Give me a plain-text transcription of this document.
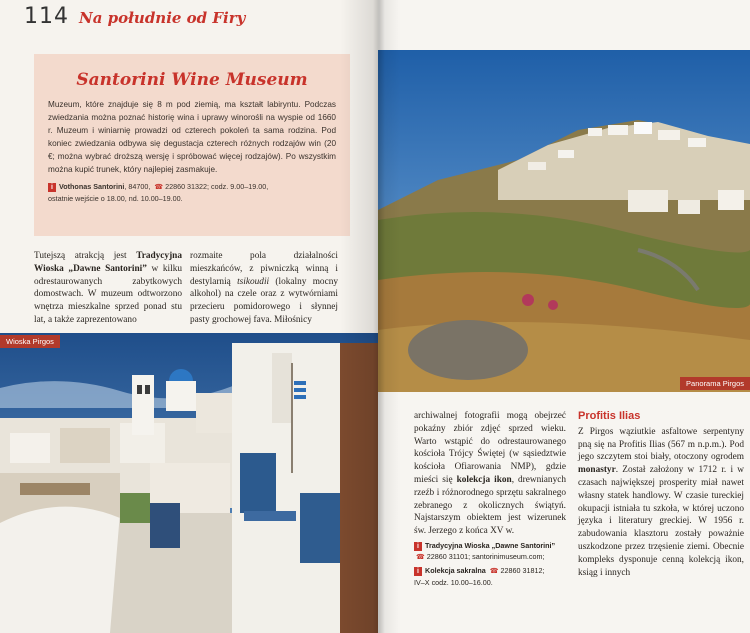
114 Na południe od Firy
Santorini Wine Museum
Muzeum, które znajduje się 8 m pod ziemią, ma kształt labiryntu. Podczas zwiedzania można poznać historię wina i uprawy winorośli na wyspie od 1660 r. Muzeum i winiarnię prowadzi od czterech pokoleń ta sama rodzina. Pod koniec zwiedzania odbywa się degustacja czterech różnych rodzajów win (20 €; można wybrać droższą wersję i spróbować więcej rodzajów). Po wszystkim można kupić trunek, który najlepiej zasmakuje.
i Vothonas Santorini, 84700, ☎ 22860 31322; codz. 9.00–19.00,
ostatnie wejście o 18.00, nd. 10.00–19.00.
Tutejszą atrakcją jest Tradycyjna Wioska „Dawne Santorini” w kilku odrestaurowanych zabytkowych domostwach. W muzeum odtworzono wnętrza mieszkalne sprzed ponad stu lat, a także zaprezentowano
rozmaite pola działalności mieszkańców, z piwniczką winną i destylarnią tsikoudii (lokalny mocny alkohol) na czele oraz z wytwórniami przecieru pomidorowego i słynnej pasty grochowej fava. Miłośnicy
Wioska Pirgos
Panorama Pirgos
archiwalnej fotografii mogą obejrzeć pokaźny zbiór zdjęć sprzed wieku. Warto wstąpić do odrestaurowanego kościoła Trójcy Świętej (w sąsiedztwie kościoła Ofiarowania NMP), gdzie mieści się kolekcja ikon, drewnianych rzeźb i różnorodnego sprzętu sakralnego zebranego z okolicznych świątyń. Najstarszym obiektem jest wizerunek św. Jerzego z końca XV w.
i Tradycyjna Wioska „Dawne Santorini”
☎ 22860 31101; santorinimuseum.com;
i Kolekcja sakralna ☎ 22860 31812;
IV–X codz. 10.00–16.00.
Profitis Ilias
Z Pirgos wąziutkie asfaltowe serpentyny pną się na Profitis Ilias (567 m n.p.m.). Pod jego szczytem stoi biały, otoczony ogrodem monastyr. Został założony w 1712 r. i w czasach największej prosperity miał nawet własny statek handlowy. W czasie tureckiej okupacji istniała tu szkoła, w której uczono języka i literatury greckiej. W 1956 r. zabudowania klasztoru zostały poważnie uszkodzone przez trzęsienie ziemi. Obecnie kompleks dysponuje cenną kolekcją ikon, ksiąg i innych
